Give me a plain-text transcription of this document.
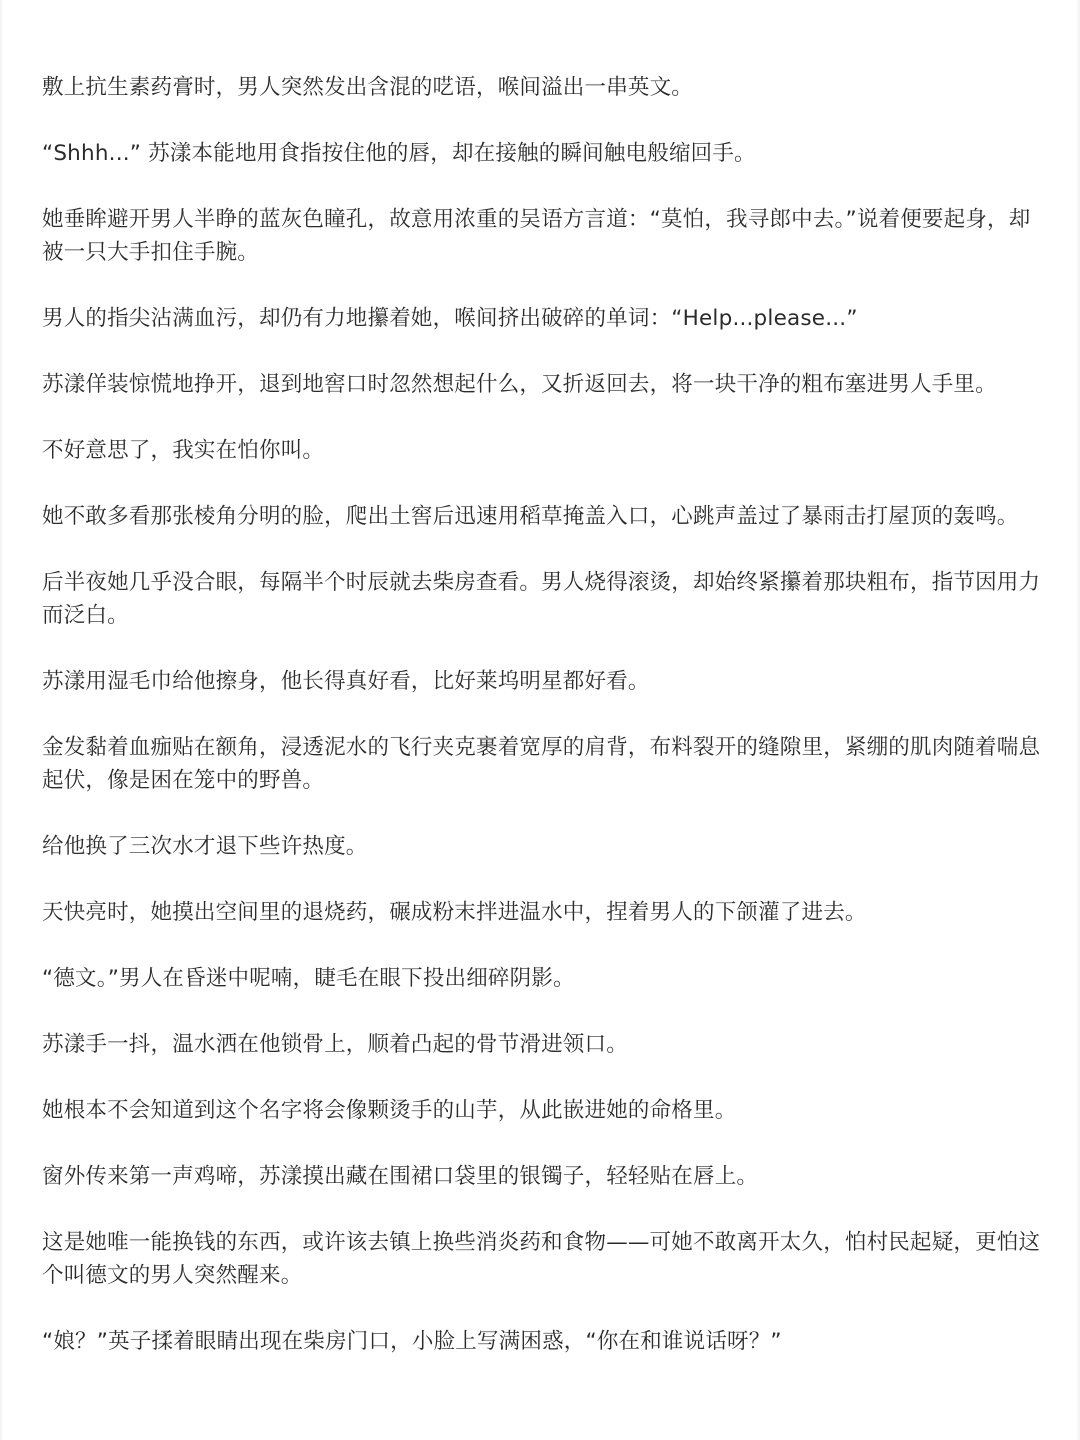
敷上抗生素药膏时，男人突然发出含混的呓语，喉间溢出一串英文。

“Shhh...” 苏漾本能地用食指按住他的唇，却在接触的瞬间触电般缩回手。

她垂眸避开男人半睁的蓝灰色瞳孔，故意用浓重的吴语方言道：“莫怕，我寻郎中去。”说着便要起身，却被一只大手扣住手腕。

男人的指尖沾满血污，却仍有力地攥着她，喉间挤出破碎的单词：“Help...please...”

苏漾佯装惊慌地挣开，退到地窖口时忽然想起什么，又折返回去，将一块干净的粗布塞进男人手里。

不好意思了，我实在怕你叫。

她不敢多看那张棱角分明的脸，爬出土窖后迅速用稻草掩盖入口，心跳声盖过了暴雨击打屋顶的轰鸣。

后半夜她几乎没合眼，每隔半个时辰就去柴房查看。男人烧得滚烫，却始终紧攥着那块粗布，指节因用力而泛白。

苏漾用湿毛巾给他擦身，他长得真好看，比好莱坞明星都好看。

金发黏着血痂贴在额角，浸透泥水的飞行夹克裹着宽厚的肩背，布料裂开的缝隙里，紧绷的肌肉随着喘息起伏，像是困在笼中的野兽。

给他换了三次水才退下些许热度。

天快亮时，她摸出空间里的退烧药，碾成粉末拌进温水中，捏着男人的下颌灌了进去。

“德文。”男人在昏迷中呢喃，睫毛在眼下投出细碎阴影。

苏漾手一抖，温水洒在他锁骨上，顺着凸起的骨节滑进领口。

她根本不会知道到这个名字将会像颗烫手的山芋，从此嵌进她的命格里。

窗外传来第一声鸡啼，苏漾摸出藏在围裙口袋里的银镯子，轻轻贴在唇上。

这是她唯一能换钱的东西，或许该去镇上换些消炎药和食物——可她不敢离开太久，怕村民起疑，更怕这个叫德文的男人突然醒来。

“娘？”英子揉着眼睛出现在柴房门口，小脸上写满困惑，“你在和谁说话呀？”
